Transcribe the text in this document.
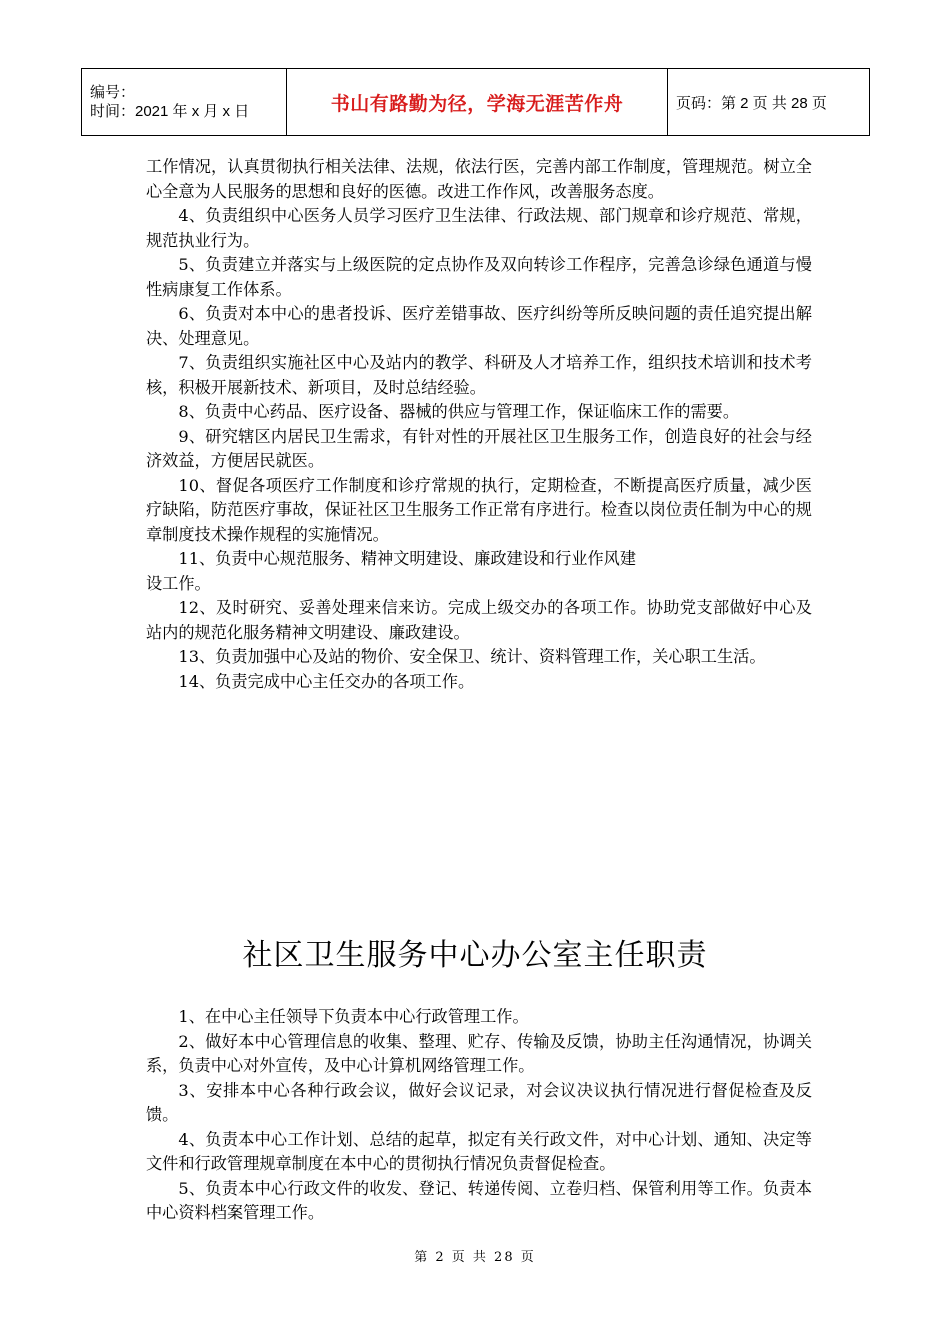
编号：
时间：2021 年 x 月 x 日	书山有路勤为径，学海无涯苦作舟	页码：第 2 页 共 28 页

工作情况，认真贯彻执行相关法律、法规，依法行医，完善内部工作制度，管理规范。树立全心全意为人民服务的思想和良好的医德。改进工作作风，改善服务态度。

4、负责组织中心医务人员学习医疗卫生法律、行政法规、部门规章和诊疗规范、常规，规范执业行为。

5、负责建立并落实与上级医院的定点协作及双向转诊工作程序，完善急诊绿色通道与慢性病康复工作体系。

6、负责对本中心的患者投诉、医疗差错事故、医疗纠纷等所反映问题的责任追究提出解决、处理意见。

7、负责组织实施社区中心及站内的教学、科研及人才培养工作，组织技术培训和技术考核，积极开展新技术、新项目，及时总结经验。

8、负责中心药品、医疗设备、器械的供应与管理工作，保证临床工作的需要。

9、研究辖区内居民卫生需求，有针对性的开展社区卫生服务工作，创造良好的社会与经济效益，方便居民就医。

10、督促各项医疗工作制度和诊疗常规的执行，定期检查，不断提高医疗质量，减少医疗缺陷，防范医疗事故，保证社区卫生服务工作正常有序进行。检查以岗位责任制为中心的规章制度技术操作规程的实施情况。

11、负责中心规范服务、精神文明建设、廉政建设和行业作风建

设工作。

12、及时研究、妥善处理来信来访。完成上级交办的各项工作。协助党支部做好中心及站内的规范化服务精神文明建设、廉政建设。

13、负责加强中心及站的物价、安全保卫、统计、资料管理工作，关心职工生活。

14、负责完成中心主任交办的各项工作。

社区卫生服务中心办公室主任职责

1、在中心主任领导下负责本中心行政管理工作。

2、做好本中心管理信息的收集、整理、贮存、传输及反馈，协助主任沟通情况，协调关系，负责中心对外宣传，及中心计算机网络管理工作。

3、安排本中心各种行政会议，做好会议记录，对会议决议执行情况进行督促检查及反馈。

4、负责本中心工作计划、总结的起草，拟定有关行政文件，对中心计划、通知、决定等文件和行政管理规章制度在本中心的贯彻执行情况负责督促检查。

5、负责本中心行政文件的收发、登记、转递传阅、立卷归档、保管利用等工作。负责本中心资料档案管理工作。

第 2 页 共 28 页
